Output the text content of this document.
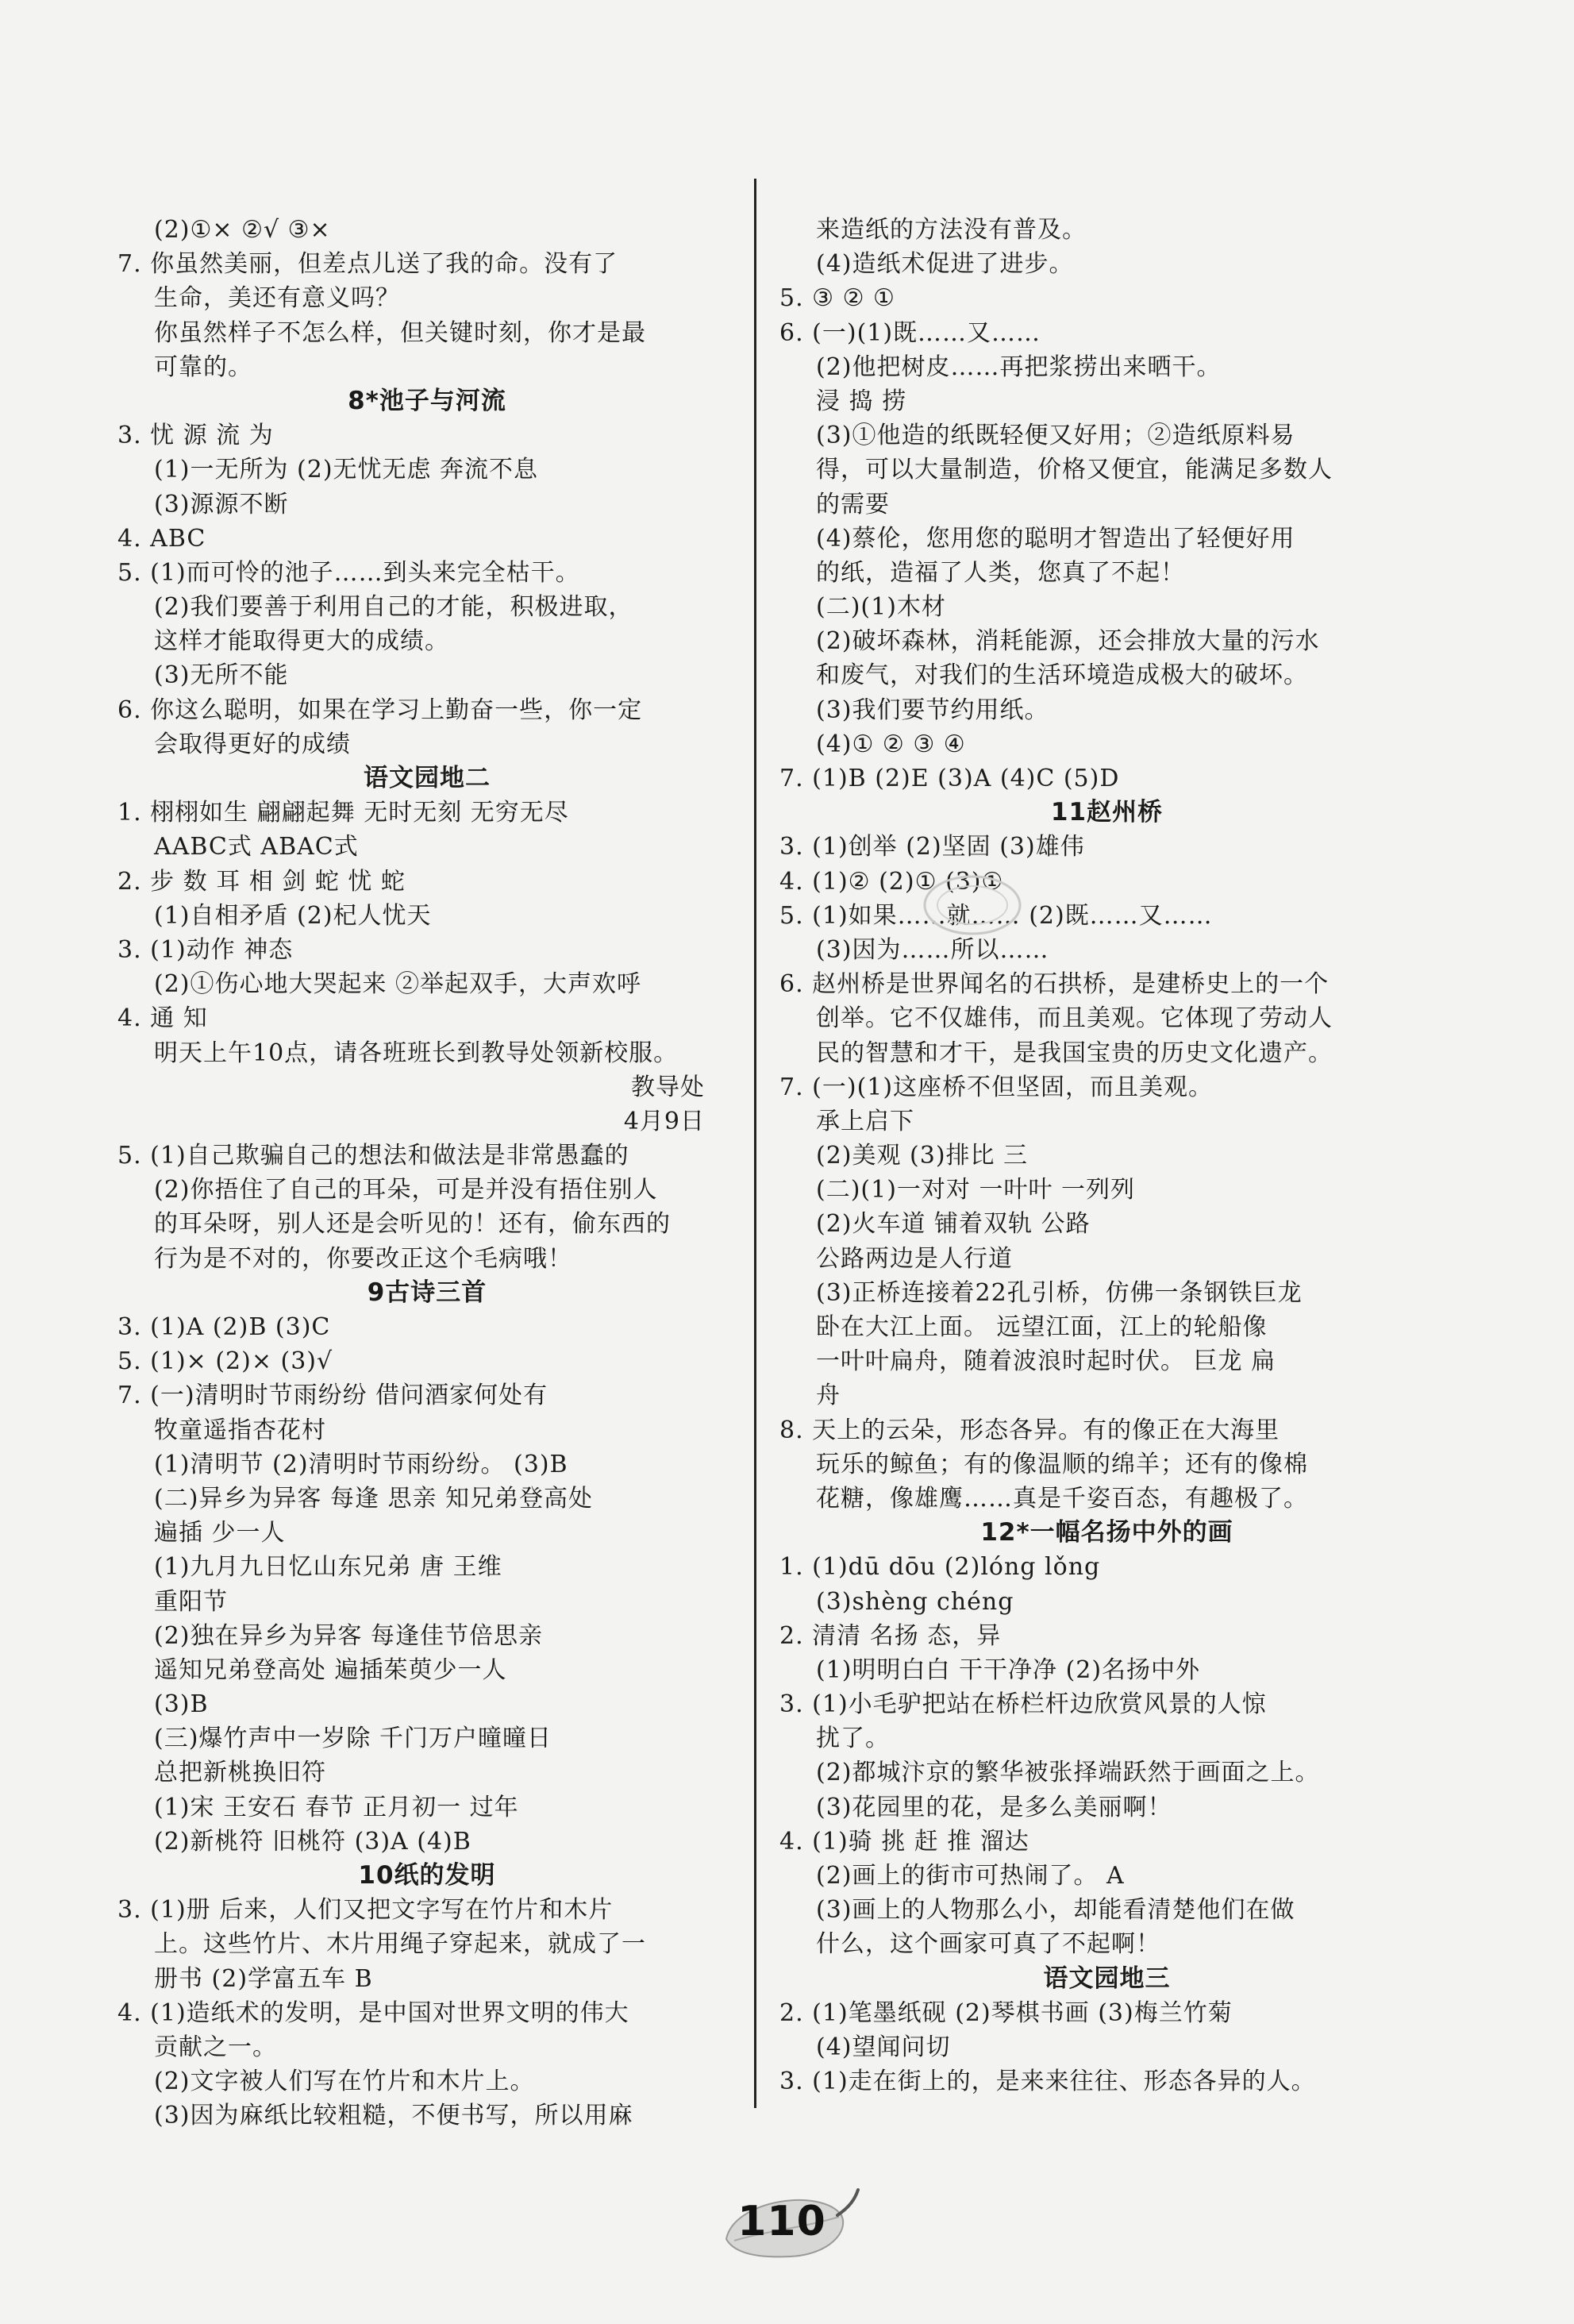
(2)①× ②√ ③×
7. 你虽然美丽，但差点儿送了我的命。没有了
生命，美还有意义吗？
你虽然样子不怎么样，但关键时刻，你才是最
可靠的。
8*池子与河流
3. 忧 源 流 为
(1)一无所为 (2)无忧无虑 奔流不息
(3)源源不断
4. ABC
5. (1)而可怜的池子……到头来完全枯干。
(2)我们要善于利用自己的才能，积极进取，
这样才能取得更大的成绩。
(3)无所不能
6. 你这么聪明，如果在学习上勤奋一些，你一定
会取得更好的成绩
语文园地二
1. 栩栩如生 翩翩起舞 无时无刻 无穷无尽
AABC式 ABAC式
2. 步 数 耳 相 剑 蛇 忧 蛇
(1)自相矛盾 (2)杞人忧天
3. (1)动作 神态
(2)①伤心地大哭起来 ②举起双手，大声欢呼
4. 通 知
明天上午10点，请各班班长到教导处领新校服。
教导处
4月9日
5. (1)自己欺骗自己的想法和做法是非常愚蠢的
(2)你捂住了自己的耳朵，可是并没有捂住别人
的耳朵呀，别人还是会听见的！还有，偷东西的
行为是不对的，你要改正这个毛病哦！
9古诗三首
3. (1)A (2)B (3)C
5. (1)× (2)× (3)√
7. (一)清明时节雨纷纷 借问酒家何处有
牧童遥指杏花村
(1)清明节 (2)清明时节雨纷纷。 (3)B
(二)异乡为异客 每逢 思亲 知兄弟登高处
遍插 少一人
(1)九月九日忆山东兄弟 唐 王维
重阳节
(2)独在异乡为异客 每逢佳节倍思亲
遥知兄弟登高处 遍插茱萸少一人
(3)B
(三)爆竹声中一岁除 千门万户曈曈日
总把新桃换旧符
(1)宋 王安石 春节 正月初一 过年
(2)新桃符 旧桃符 (3)A (4)B
10纸的发明
3. (1)册 后来，人们又把文字写在竹片和木片
上。这些竹片、木片用绳子穿起来，就成了一
册书 (2)学富五车 B
4. (1)造纸术的发明，是中国对世界文明的伟大
贡献之一。
(2)文字被人们写在竹片和木片上。
(3)因为麻纸比较粗糙，不便书写，所以用麻
来造纸的方法没有普及。
(4)造纸术促进了进步。
5. ③ ② ①
6. (一)(1)既……又……
(2)他把树皮……再把浆捞出来晒干。
浸 捣 捞
(3)①他造的纸既轻便又好用；②造纸原料易
得，可以大量制造，价格又便宜，能满足多数人
的需要
(4)蔡伦，您用您的聪明才智造出了轻便好用
的纸，造福了人类，您真了不起！
(二)(1)木材
(2)破坏森林，消耗能源，还会排放大量的污水
和废气，对我们的生活环境造成极大的破坏。
(3)我们要节约用纸。
(4)① ② ③ ④
7. (1)B (2)E (3)A (4)C (5)D
11赵州桥
3. (1)创举 (2)坚固 (3)雄伟
4. (1)② (2)① (3)①
5. (1)如果……就…… (2)既……又……
(3)因为……所以……
6. 赵州桥是世界闻名的石拱桥，是建桥史上的一个
创举。它不仅雄伟，而且美观。它体现了劳动人
民的智慧和才干，是我国宝贵的历史文化遗产。
7. (一)(1)这座桥不但坚固，而且美观。
承上启下
(2)美观 (3)排比 三
(二)(1)一对对 一叶叶 一列列
(2)火车道 铺着双轨 公路
公路两边是人行道
(3)正桥连接着22孔引桥，仿佛一条钢铁巨龙
卧在大江上面。 远望江面，江上的轮船像
一叶叶扁舟，随着波浪时起时伏。 巨龙 扁
舟
8. 天上的云朵，形态各异。有的像正在大海里
玩乐的鲸鱼；有的像温顺的绵羊；还有的像棉
花糖，像雄鹰……真是千姿百态，有趣极了。
12*一幅名扬中外的画
1. (1)dū dōu (2)lóng lǒng
(3)shèng chéng
2. 清清 名扬 态，异
(1)明明白白 干干净净 (2)名扬中外
3. (1)小毛驴把站在桥栏杆边欣赏风景的人惊
扰了。
(2)都城汴京的繁华被张择端跃然于画面之上。
(3)花园里的花，是多么美丽啊！
4. (1)骑 挑 赶 推 溜达
(2)画上的街市可热闹了。 A
(3)画上的人物那么小，却能看清楚他们在做
什么，这个画家可真了不起啊！
语文园地三
2. (1)笔墨纸砚 (2)琴棋书画 (3)梅兰竹菊
(4)望闻问切
3. (1)走在街上的，是来来往往、形态各异的人。
110
